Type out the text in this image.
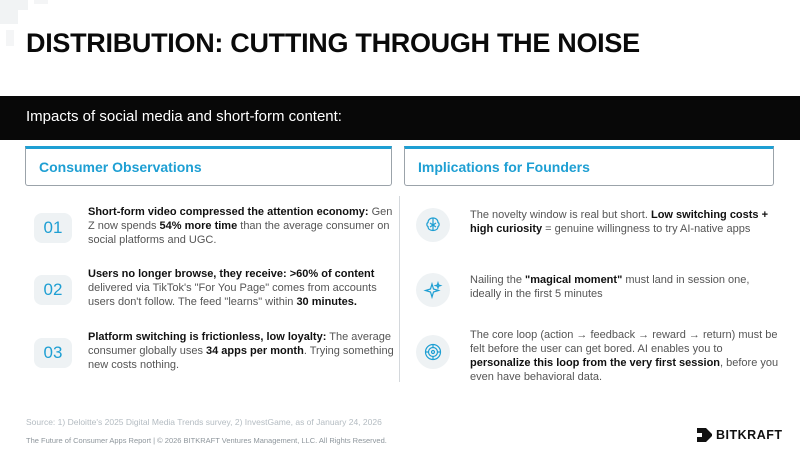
DISTRIBUTION: CUTTING THROUGH THE NOISE
Impacts of social media and short-form content:
Consumer Observations	Implications for Founders
01
Short-form video compressed the attention economy: Gen Z now spends 54% more time than the average consumer on social platforms and UGC.
02
Users no longer browse, they receive: >60% of content delivered via TikTok's "For You Page" comes from accounts users don't follow. The feed "learns" within 30 minutes.
03
Platform switching is frictionless, low loyalty: The average consumer globally uses 34 apps per month. Trying something new costs nothing.
The novelty window is real but short. Low switching costs + high curiosity = genuine willingness to try AI-native apps
Nailing the "magical moment" must land in session one, ideally in the first 5 minutes
The core loop (action → feedback → reward → return) must be felt before the user can get bored. AI enables you to personalize this loop from the very first session, before you even have behavioral data.
Source: 1) Deloitte's 2025 Digital Media Trends survey, 2) InvestGame, as of January 24, 2026
The Future of Consumer Apps Report | © 2026 BITKRAFT Ventures Management, LLC. All Rights Reserved.	BITKRAFT
